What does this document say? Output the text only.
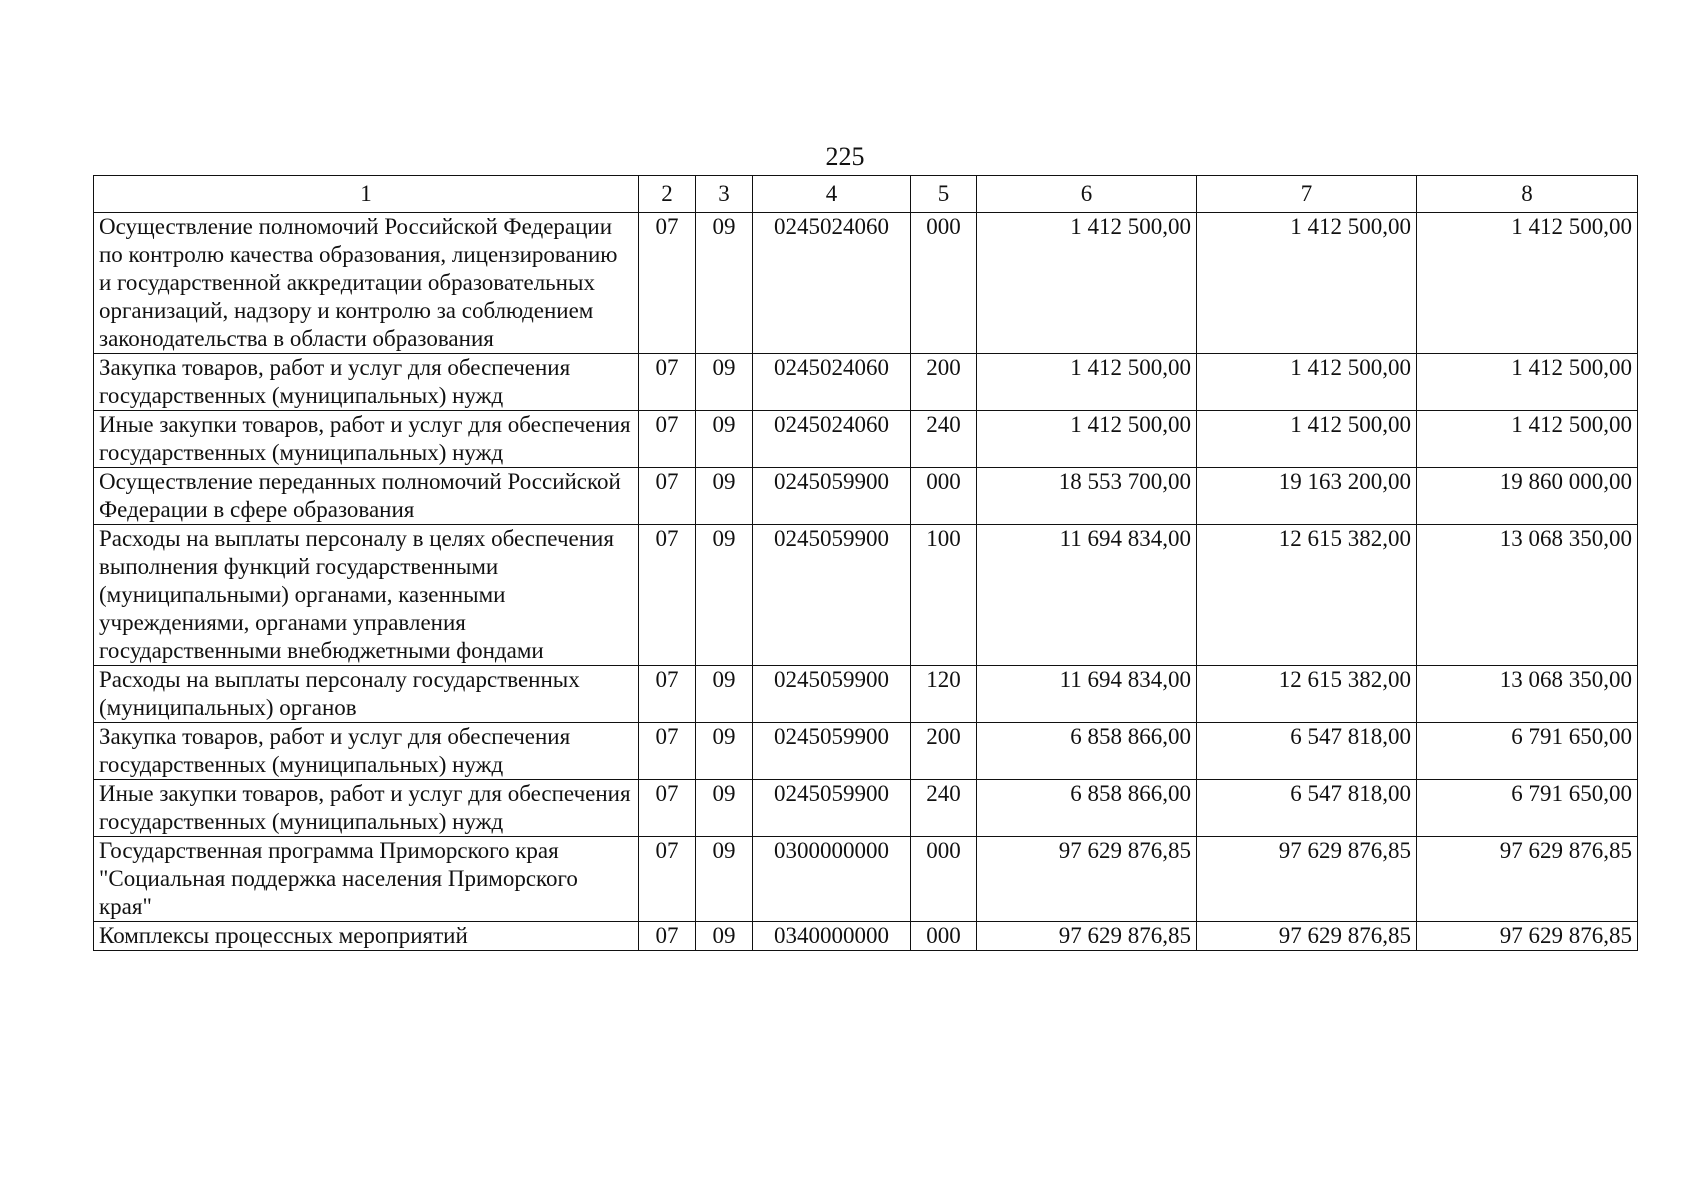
225
1	2	3	4	5	6	7	8
Осуществление полномочий Российской Федерации по контролю качества образования, лицензированию и государственной аккредитации образовательных организаций, надзору и контролю за соблюдением законодательства в области образования	07	09	0245024060	000	1 412 500,00	1 412 500,00	1 412 500,00
Закупка товаров, работ и услуг для обеспечения государственных (муниципальных) нужд	07	09	0245024060	200	1 412 500,00	1 412 500,00	1 412 500,00
Иные закупки товаров, работ и услуг для обеспечения государственных (муниципальных) нужд	07	09	0245024060	240	1 412 500,00	1 412 500,00	1 412 500,00
Осуществление переданных полномочий Российской Федерации в сфере образования	07	09	0245059900	000	18 553 700,00	19 163 200,00	19 860 000,00
Расходы на выплаты персоналу в целях обеспечения выполнения функций государственными (муниципальными) органами, казенными учреждениями, органами управления государственными внебюджетными фондами	07	09	0245059900	100	11 694 834,00	12 615 382,00	13 068 350,00
Расходы на выплаты персоналу государственных (муниципальных) органов	07	09	0245059900	120	11 694 834,00	12 615 382,00	13 068 350,00
Закупка товаров, работ и услуг для обеспечения государственных (муниципальных) нужд	07	09	0245059900	200	6 858 866,00	6 547 818,00	6 791 650,00
Иные закупки товаров, работ и услуг для обеспечения государственных (муниципальных) нужд	07	09	0245059900	240	6 858 866,00	6 547 818,00	6 791 650,00
Государственная программа Приморского края "Социальная поддержка населения Приморского края"	07	09	0300000000	000	97 629 876,85	97 629 876,85	97 629 876,85
Комплексы процессных мероприятий	07	09	0340000000	000	97 629 876,85	97 629 876,85	97 629 876,85
